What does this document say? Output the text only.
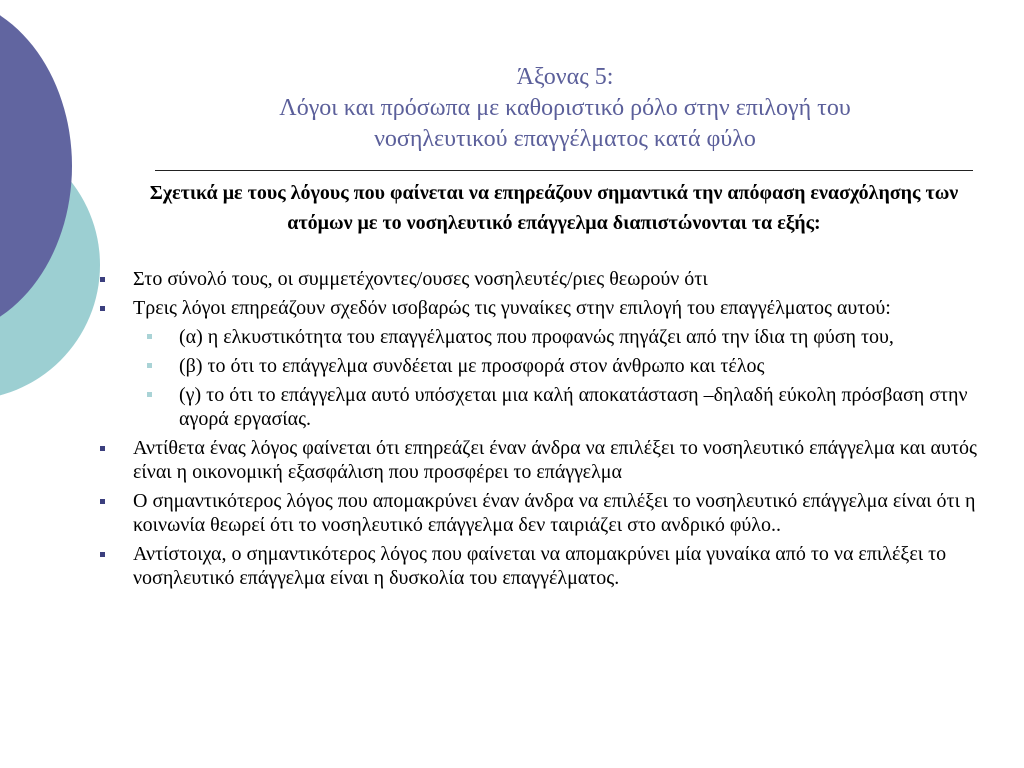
Άξονας 5:
Λόγοι και πρόσωπα με καθοριστικό ρόλο στην επιλογή του
νοσηλευτικού επαγγέλματος κατά φύλο
Σχετικά με τους λόγους που φαίνεται να επηρεάζουν σημαντικά την απόφαση ενασχόλησης των ατόμων με το νοσηλευτικό επάγγελμα διαπιστώνονται τα εξής:
Στο σύνολό τους, οι συμμετέχοντες/ουσες νοσηλευτές/ριες θεωρούν ότι
Τρεις λόγοι επηρεάζουν σχεδόν ισοβαρώς τις γυναίκες στην επιλογή του επαγγέλματος αυτού:
(α) η ελκυστικότητα του επαγγέλματος που προφανώς πηγάζει από την ίδια τη φύση του,
(β) το ότι το επάγγελμα συνδέεται με προσφορά στον άνθρωπο και τέλος
(γ) το ότι το επάγγελμα αυτό υπόσχεται μια καλή αποκατάσταση –δηλαδή εύκολη πρόσβαση στην αγορά εργασίας.
Αντίθετα ένας λόγος φαίνεται ότι επηρεάζει έναν άνδρα να επιλέξει το νοσηλευτικό επάγγελμα και αυτός είναι η οικονομική εξασφάλιση που προσφέρει το επάγγελμα
Ο σημαντικότερος λόγος που απομακρύνει έναν άνδρα να επιλέξει το νοσηλευτικό επάγγελμα είναι ότι η κοινωνία θεωρεί ότι το νοσηλευτικό επάγγελμα δεν ταιριάζει στο ανδρικό φύλο..
Αντίστοιχα, ο σημαντικότερος λόγος που φαίνεται να απομακρύνει μία γυναίκα από το να επιλέξει το νοσηλευτικό επάγγελμα είναι η δυσκολία του επαγγέλματος.
